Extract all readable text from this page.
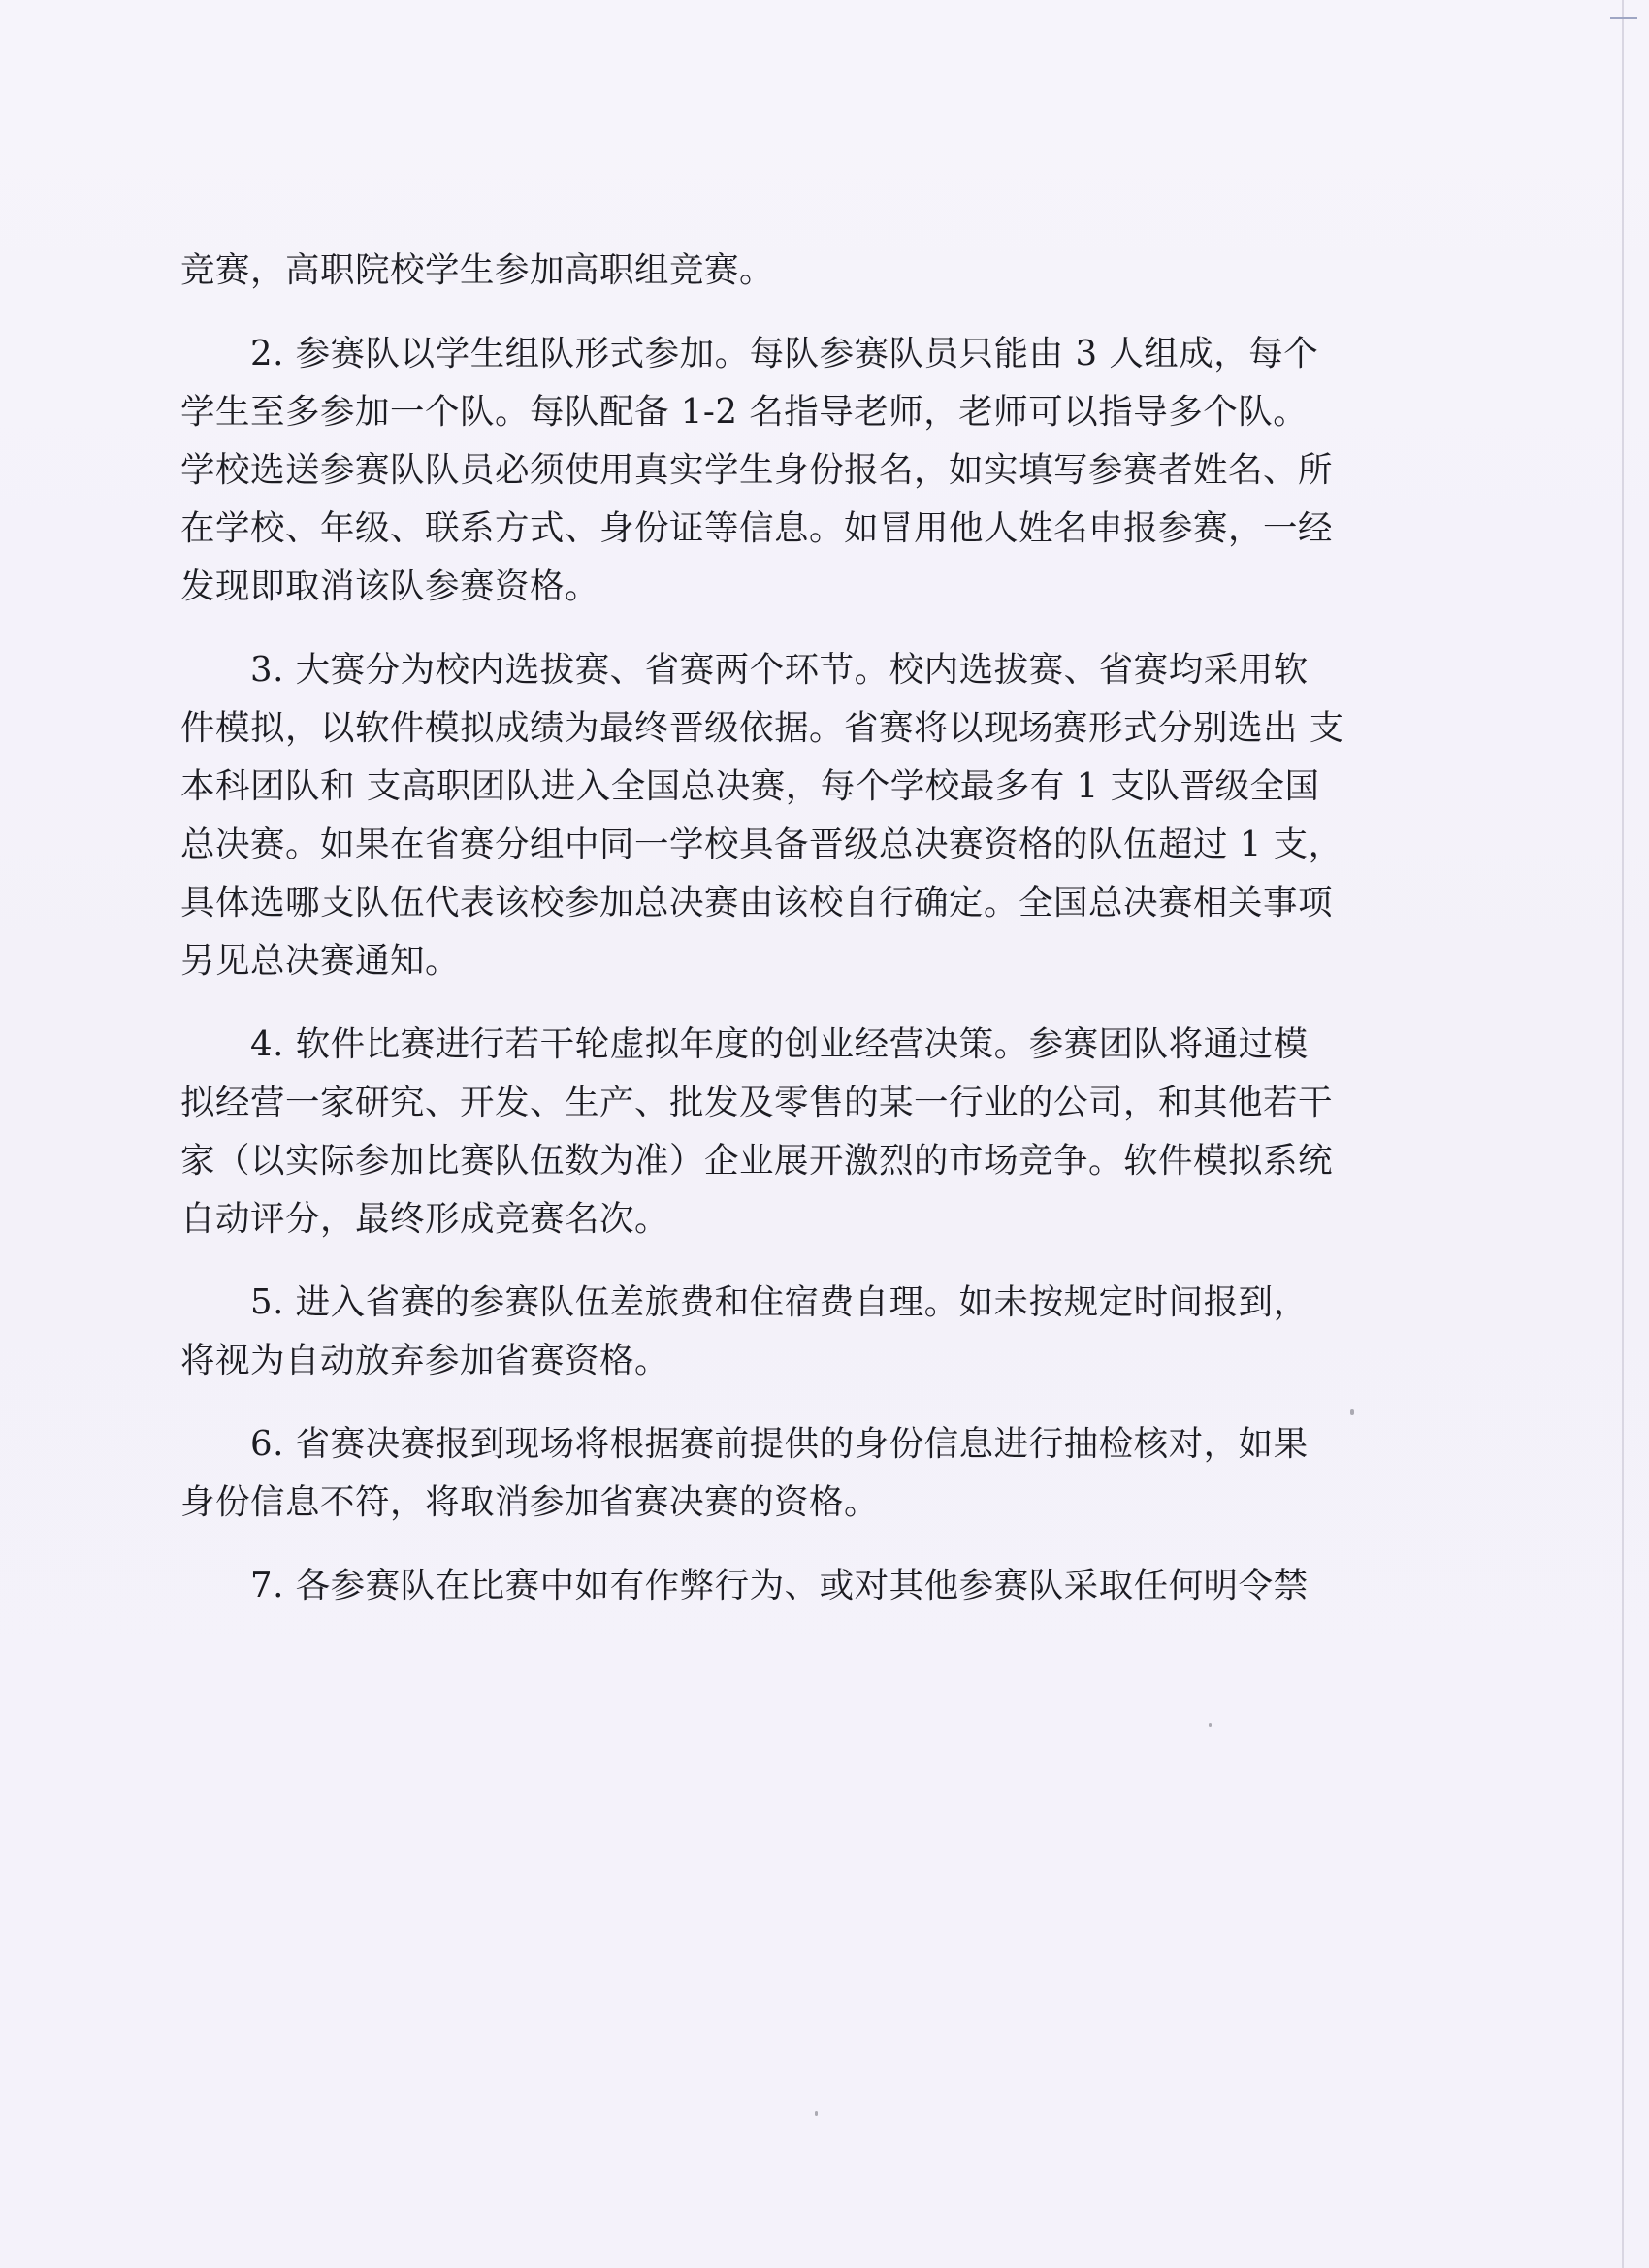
竞赛，高职院校学生参加高职组竞赛。
　　2. 参赛队以学生组队形式参加。每队参赛队员只能由 3 人组成，每个
学生至多参加一个队。每队配备 1-2 名指导老师，老师可以指导多个队。
学校选送参赛队队员必须使用真实学生身份报名，如实填写参赛者姓名、所
在学校、年级、联系方式、身份证等信息。如冒用他人姓名申报参赛，一经
发现即取消该队参赛资格。
　　3. 大赛分为校内选拔赛、省赛两个环节。校内选拔赛、省赛均采用软
件模拟，以软件模拟成绩为最终晋级依据。省赛将以现场赛形式分别选出 支
本科团队和 支高职团队进入全国总决赛，每个学校最多有 1 支队晋级全国
总决赛。如果在省赛分组中同一学校具备晋级总决赛资格的队伍超过 1 支，
具体选哪支队伍代表该校参加总决赛由该校自行确定。全国总决赛相关事项
另见总决赛通知。
　　4. 软件比赛进行若干轮虚拟年度的创业经营决策。参赛团队将通过模
拟经营一家研究、开发、生产、批发及零售的某一行业的公司，和其他若干
家（以实际参加比赛队伍数为准）企业展开激烈的市场竞争。软件模拟系统
自动评分，最终形成竞赛名次。
　　5. 进入省赛的参赛队伍差旅费和住宿费自理。如未按规定时间报到，
将视为自动放弃参加省赛资格。
　　6. 省赛决赛报到现场将根据赛前提供的身份信息进行抽检核对，如果
身份信息不符，将取消参加省赛决赛的资格。
　　7. 各参赛队在比赛中如有作弊行为、或对其他参赛队采取任何明令禁
